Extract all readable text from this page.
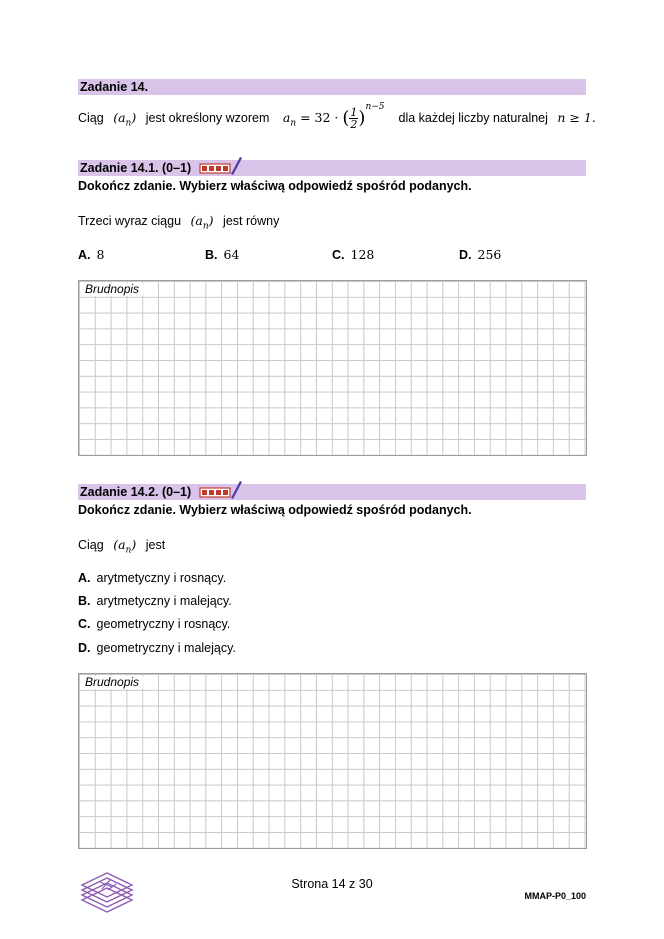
Zadanie 14.
Ciąg $(a_n)$ jest określony wzorem $a_n = 32$ · ( $\frac{1}{2} )^{n-5}$ dla każdej liczby naturalnej n ≥ 1.
Zadanie 14.1. (0–1)
Dokończ zdanie. Wybierz właściwą odpowiedź spośród podanych.
Trzeci wyraz ciągu $(a_n)$ jest równy
A. 8	B. 64	C. 128	D. 256
Brudnopis
Zadanie 14.2. (0–1)
Dokończ zdanie. Wybierz właściwą odpowiedź spośród podanych.
Ciąg $(a_n)$ jest
A. arytmetyczny i rosnący.
B. arytmetyczny i malejący.
C. geometryczny i rosnący.
D. geometryczny i malejący.
Brudnopis
Strona 14 z 30
MMAP-P0_100
